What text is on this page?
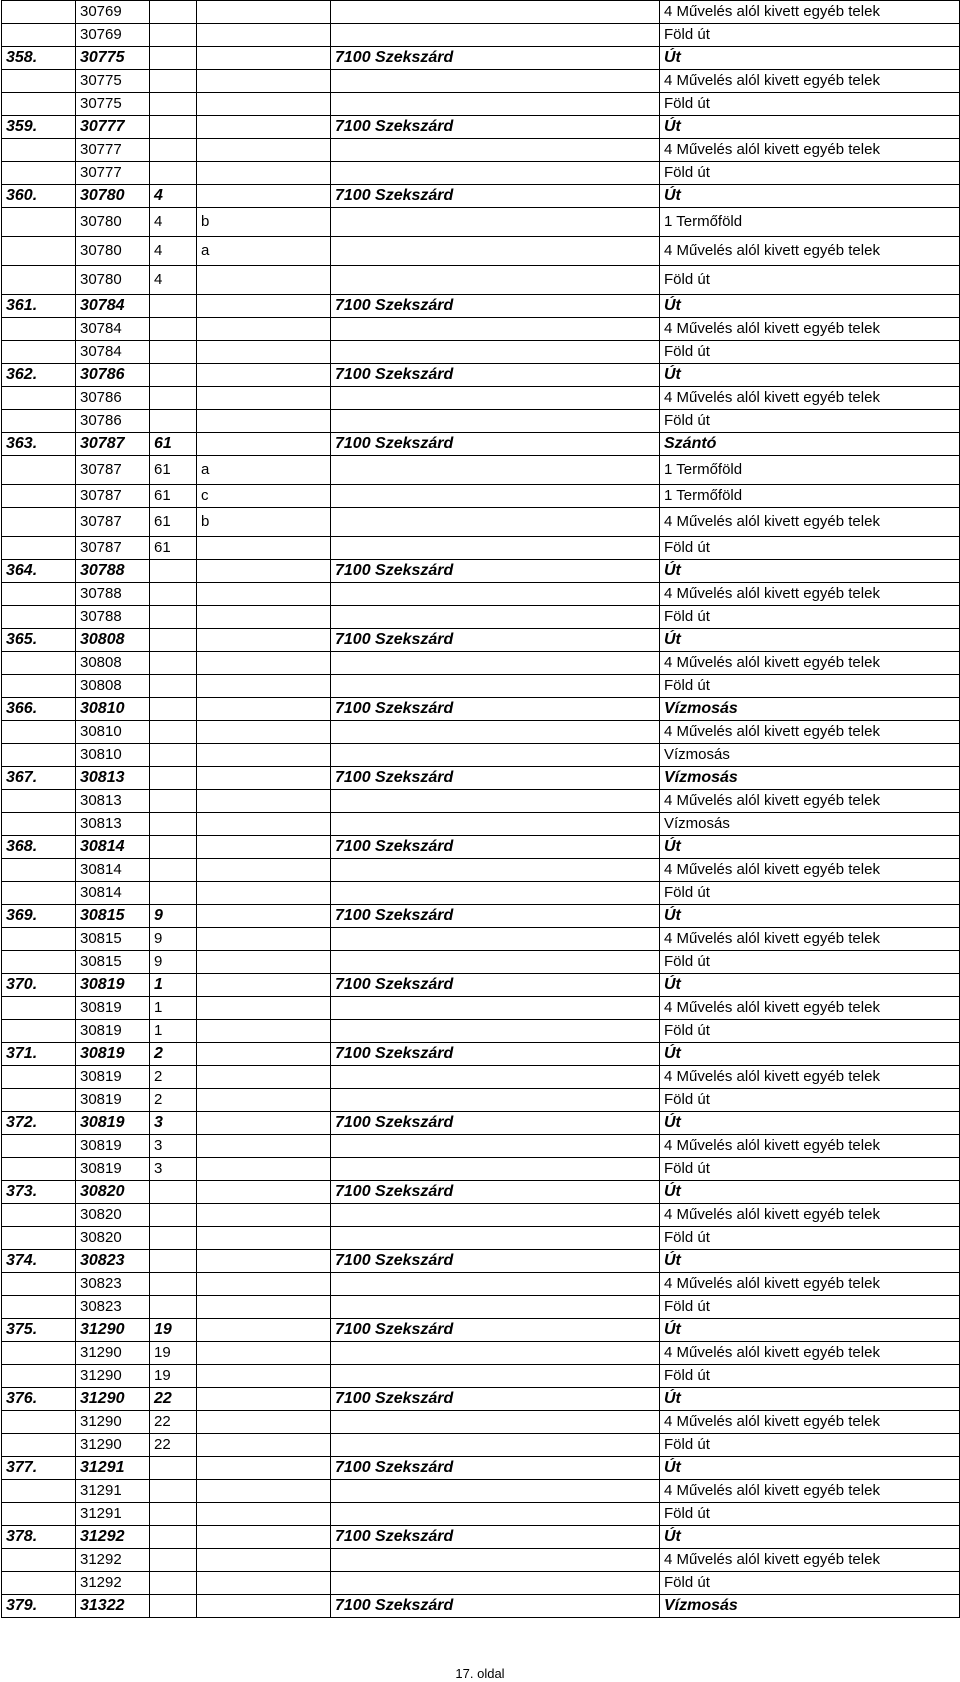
	30769				4 Művelés alól kivett egyéb telek
	30769				Föld út
358.	30775			7100 Szekszárd	Út
	30775				4 Művelés alól kivett egyéb telek
	30775				Föld út
359.	30777			7100 Szekszárd	Út
	30777				4 Művelés alól kivett egyéb telek
	30777				Föld út
360.	30780	4		7100 Szekszárd	Út
	30780	4	b		1 Termőföld
	30780	4	a		4 Művelés alól kivett egyéb telek
	30780	4			Föld út
361.	30784			7100 Szekszárd	Út
	30784				4 Művelés alól kivett egyéb telek
	30784				Föld út
362.	30786			7100 Szekszárd	Út
	30786				4 Művelés alól kivett egyéb telek
	30786				Föld út
363.	30787	61		7100 Szekszárd	Szántó
	30787	61	a		1 Termőföld
	30787	61	c		1 Termőföld
	30787	61	b		4 Művelés alól kivett egyéb telek
	30787	61			Föld út
364.	30788			7100 Szekszárd	Út
	30788				4 Művelés alól kivett egyéb telek
	30788				Föld út
365.	30808			7100 Szekszárd	Út
	30808				4 Művelés alól kivett egyéb telek
	30808				Föld út
366.	30810			7100 Szekszárd	Vízmosás
	30810				4 Művelés alól kivett egyéb telek
	30810				Vízmosás
367.	30813			7100 Szekszárd	Vízmosás
	30813				4 Művelés alól kivett egyéb telek
	30813				Vízmosás
368.	30814			7100 Szekszárd	Út
	30814				4 Művelés alól kivett egyéb telek
	30814				Föld út
369.	30815	9		7100 Szekszárd	Út
	30815	9			4 Művelés alól kivett egyéb telek
	30815	9			Föld út
370.	30819	1		7100 Szekszárd	Út
	30819	1			4 Művelés alól kivett egyéb telek
	30819	1			Föld út
371.	30819	2		7100 Szekszárd	Út
	30819	2			4 Művelés alól kivett egyéb telek
	30819	2			Föld út
372.	30819	3		7100 Szekszárd	Út
	30819	3			4 Művelés alól kivett egyéb telek
	30819	3			Föld út
373.	30820			7100 Szekszárd	Út
	30820				4 Művelés alól kivett egyéb telek
	30820				Föld út
374.	30823			7100 Szekszárd	Út
	30823				4 Művelés alól kivett egyéb telek
	30823				Föld út
375.	31290	19		7100 Szekszárd	Út
	31290	19			4 Művelés alól kivett egyéb telek
	31290	19			Föld út
376.	31290	22		7100 Szekszárd	Út
	31290	22			4 Művelés alól kivett egyéb telek
	31290	22			Föld út
377.	31291			7100 Szekszárd	Út
	31291				4 Művelés alól kivett egyéb telek
	31291				Föld út
378.	31292			7100 Szekszárd	Út
	31292				4 Művelés alól kivett egyéb telek
	31292				Föld út
379.	31322			7100 Szekszárd	Vízmosás
17. oldal
